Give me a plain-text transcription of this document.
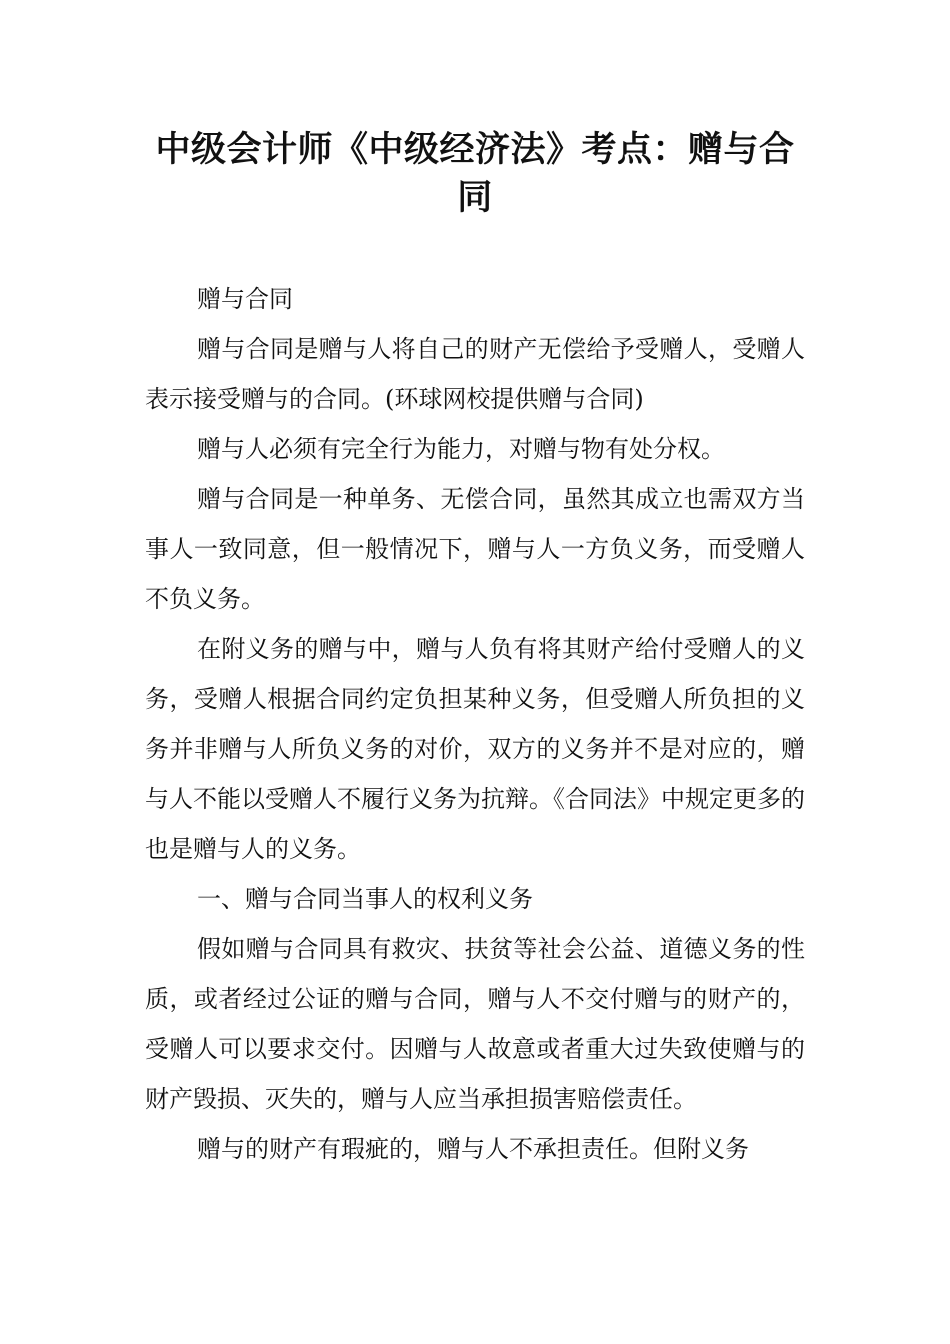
中级会计师《中级经济法》考点：赠与合同

赠与合同

赠与合同是赠与人将自己的财产无偿给予受赠人，受赠人表示接受赠与的合同。(环球网校提供赠与合同)

赠与人必须有完全行为能力，对赠与物有处分权。

赠与合同是一种单务、无偿合同，虽然其成立也需双方当事人一致同意，但一般情况下，赠与人一方负义务，而受赠人不负义务。

在附义务的赠与中，赠与人负有将其财产给付受赠人的义务，受赠人根据合同约定负担某种义务，但受赠人所负担的义务并非赠与人所负义务的对价，双方的义务并不是对应的，赠与人不能以受赠人不履行义务为抗辩。《合同法》中规定更多的也是赠与人的义务。

一、赠与合同当事人的权利义务

假如赠与合同具有救灾、扶贫等社会公益、道德义务的性质，或者经过公证的赠与合同，赠与人不交付赠与的财产的，受赠人可以要求交付。因赠与人故意或者重大过失致使赠与的财产毁损、灭失的，赠与人应当承担损害赔偿责任。

赠与的财产有瑕疵的，赠与人不承担责任。但附义务
